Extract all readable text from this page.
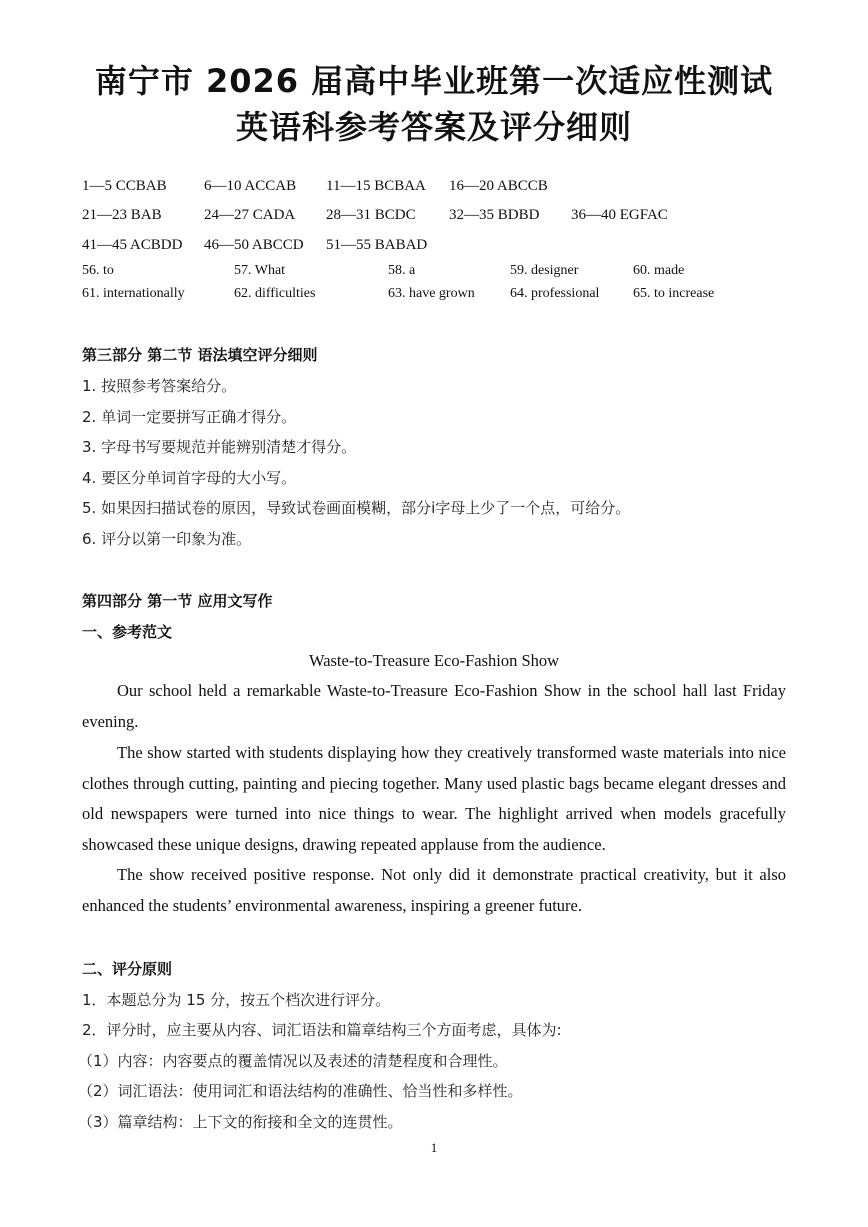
南宁市 2026 届高中毕业班第一次适应性测试
英语科参考答案及评分细则
1—5 CCBAB 6—10 ACCAB 11—15 BCBAA 16—20 ABCCB
21—23 BAB	24—27 CADA 28—31 BCDC 32—35 BDBD 36—40 EGFAC
41—45 ACBDD 46—50 ABCCD 51—55 BABAD
56. to	57. What	58. a	59. designer	60. made
61. internationally	62. difficulties	63. have grown	64. professional 65. to increase
第三部分 第二节 语法填空评分细则
1. 按照参考答案给分。
2. 单词一定要拼写正确才得分。
3. 字母书写要规范并能辨别清楚才得分。
4. 要区分单词首字母的大小写。
5. 如果因扫描试卷的原因，导致试卷画面模糊，部分i字母上少了一个点，可给分。
6. 评分以第一印象为准。
第四部分 第一节 应用文写作
一、参考范文
Waste-to-Treasure Eco-Fashion Show

Our school held a remarkable Waste-to-Treasure Eco-Fashion Show in the school hall last Friday evening.

The show started with students displaying how they creatively transformed waste materials into nice clothes through cutting, painting and piecing together. Many used plastic bags became elegant dresses and old newspapers were turned into nice things to wear. The highlight arrived when models gracefully showcased these unique designs, drawing repeated applause from the audience.

The show received positive response. Not only did it demonstrate practical creativity, but it also enhanced the students’ environmental awareness, inspiring a greener future.

二、评分原则
1．本题总分为 15 分，按五个档次进行评分。
2．评分时，应主要从内容、词汇语法和篇章结构三个方面考虑，具体为:
（1）内容：内容要点的覆盖情况以及表述的清楚程度和合理性。
（2）词汇语法：使用词汇和语法结构的准确性、恰当性和多样性。
（3）篇章结构：上下文的衔接和全文的连贯性。
1
